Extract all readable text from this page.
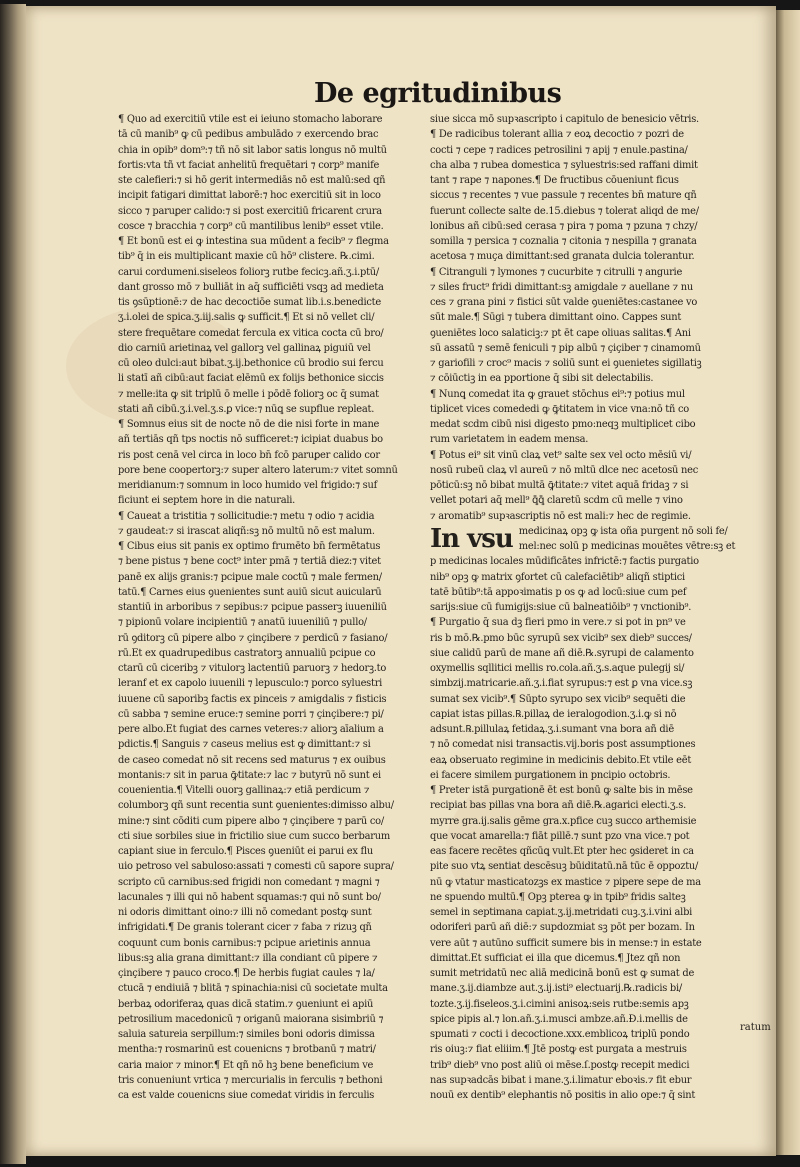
De egritudinibus
¶ Quo ad exercitiū vtile est ei ieiuno stomacho laborare
tā cū manib⁹ ꝙ cū pedibus ambulādo ⁊ exercendo brac
chia in opib⁹ dom⁹:⁊ tñ nō sit labor satis longus nō multū
fortis:vta tñ vt faciat anhelitū frequētari ⁊ corp⁹ manife
ste calefieri:⁊ si hō gerit intermediās nō est malū:sed qñ
incipit fatigari dimittat laborē:⁊ hoc exercitiū sit in loco
sicco ⁊ paruꝑer calido:⁊ si post exercitiū fricarent crura
cosce ⁊ bracchia ⁊ corp⁹ cū mantilibus lenib⁹ esset vtile.
¶ Et bonū est ei ꝙ intestina sua mūdent a fecib⁹ ⁊ flegma
tib⁹ q̄ in eis multiplicant maxie cū hō⁹ clistere. ℞.cimi.
carui cordumeni.siseleos foliorꝫ rutbe fecicꝫ.añ.ʒ.i.ptū/
dant grosso mō ⁊ bulliāt in aq̄ sufficiēti vsqꝫ ad medieta
tis ꝯsūptionē:⁊ de hac decoctiōe sumat lib.i.s.benedicte
ʒ.i.olei de spica.ʒ.iij.salis ꝙ sufficit.¶ Et si nō vellet cli/
stere frequētare comedat fercula ex vitica cocta cū bro/
dio carniū arietinaꝝ vel gallorꝫ vel gallinaꝝ piguiū vel
cū oleo dulci:aut bibat.ʒ.ij.bethonice cū brodio sui fercu
li statī añ cibū:aut faciat elēmū ex folijs bethonice siccis
⁊ melle:ita ꝙ sit triplū ō melle i pōdē foliorꝫ oc q̄ sumat
stati añ cibū.ʒ.i.vel.ʒ.s.ꝑ vice:⁊ nūꝗ se supflue repleat.
¶ Somnus eius sit de nocte nō de die nisi forte in mane
añ tertiās qñ tps noctis nō sufficeret:⁊ icipiat duabus bo
ris post cenā vel circa in loco bn̄ fcō paruꝑer calido cor
pore bene coopertorꝫ:⁊ super altero laterum:⁊ vitet somnū
meridianum:⁊ somnum in loco humido vel frigido:⁊ suf
ficiunt ei septem hore in die naturali.
¶ Caueat a tristitia ⁊ sollicitudie:⁊ metu ⁊ odio ⁊ acidia
⁊ gaudeat:⁊ si irascat aliqñ:sꝫ nō multū nō est malum.
¶ Cibus eius sit panis ex optimo frumēto bn̄ fermētatus
⁊ bene pistus ⁊ bene coct⁹ inter pmā ⁊ tertiā diez:⁊ vitet
panē ex alijs granis:⁊ pcipue male coctū ⁊ male fermen/
tatū.¶ Carnes eius ꝯuenientes sunt auiū sicut auicularū
stantiū in arboribus ⁊ sepibus:⁊ pcipue passerꝫ iuueniliū
⁊ pipionū volare incipientiū ⁊ anatū iuueniliū ⁊ pullo/
rū ꝯditorꝫ cū pipere albo ⁊ çinçibere ⁊ perdicū ⁊ fasiano/
rū.Et ex quadrupedibus castratorꝫ annualiū pcipue co
ctarū cū ciceribꝫ ⁊ vitulorꝫ lactentiū paruorꝫ ⁊ hedorꝫ.to
leranf et ex capolo iuuenili ⁊ lepusculo:⁊ porco syluestri
iuuene cū saporibꝫ factis ex pinceis ⁊ amigdalis ⁊ fisticis
cū sabba ⁊ semine eruce:⁊ semine porri ⁊ çinçibere:⁊ pi/
pere albo.Et fugiat des carnes veteres:⁊ aliorꝫ aīalium a
pdictis.¶ Sanguis ⁊ caseus melius est ꝙ dimittant:⁊ si
de caseo comedat nō sit recens sed maturus ⁊ ex ouibus
montanis:⁊ sit in parua ꝙ̄titate:⁊ lac ⁊ butyrū nō sunt ei
couenientia.¶ Vitelli ouorꝫ gallinaꝝ:⁊ etiā perdicum ⁊
columborꝫ qñ sunt recentia sunt ꝯuenientes:dimisso albu/
mine:⁊ sint cōditi cum pipere albo ⁊ çinçibere ⁊ parū co/
cti siue sorbiles siue in frictilio siue cum succo berbarum
capiant siue in ferculo.¶ Pisces ꝯueniūt ei parui ex flu
uio petroso vel sabuloso:assati ⁊ comesti cū sapore supra/
scripto cū carnibus:sed frigidi non comedant ⁊ magni ⁊
lacunales ⁊ illi qui nō habent squamas:⁊ qui nō sunt bo/
ni odoris dimittant oino:⁊ illi nō comedant postꝙ sunt
infrigidati.¶ De granis tolerant cicer ⁊ faba ⁊ rizuꝫ qñ
coquunt cum bonis carnibus:⁊ pcipue arietinis annua
libus:sꝫ alia grana dimittant:⁊ illa condiant cū pipere ⁊
çinçibere ⁊ pauco croco.¶ De herbis fugiat caules ⁊ la/
ctucā ⁊ endiuiā ⁊ blitā ⁊ spinachia:nisi cū societate multa
berbaꝝ odoriferaꝝ quas dicā statim.⁊ ꝯueniunt ei apiū
petrosilium macedonicū ⁊ origanū maiorana sisimbriū ⁊
saluia satureia serpillum:⁊ similes boni odoris dimissa
mentha:⁊ rosmarinū est couenicns ⁊ brotbanū ⁊ matri/
caria maior ⁊ minor.¶ Et qñ nō hꝫ bene beneficium ve
tris conueniunt vrtica ⁊ mercurialis in ferculis ⁊ bethoni
ca est valde couenicns siue comedat viridis in ferculis
siue sicca mō supꝛascripto i capitulo de benesicio vētris.
¶ De radicibus tolerant allia ⁊ eoꝝ decoctio ⁊ pozri de
cocti ⁊ cepe ⁊ radices petrosilini ⁊ apij ⁊ enule.pastina/
cha alba ⁊ rubea domestica ⁊ syluestris:sed raffani dimit
tant ⁊ rape ⁊ napones.¶ De fructibus cōueniunt ficus
siccus ⁊ recentes ⁊ vue passule ⁊ recentes bn̄ mature qñ
fuerunt collecte salte de.15.diebus ⁊ tolerat aliqd de me/
lonibus añ cibū:sed cerasa ⁊ pira ⁊ poma ⁊ pzuna ⁊ chzy/
somilla ⁊ persica ⁊ coznalia ⁊ citonia ⁊ nespilla ⁊ granata
acetosa ⁊ muça dimittant:sed granata dulcia tolerantur.
¶ Citranguli ⁊ lymones ⁊ cucurbite ⁊ citrulli ⁊ angurie
⁊ siles fruct⁹ fridi dimittant:sꝫ amigdale ⁊ auellane ⁊ nu
ces ⁊ grana pini ⁊ fistici sūt valde ꝯueniētes:castanee vo
sūt male.¶ Sūgi ⁊ tubera dimittant oino. Cappes sunt
ꝯueniētes loco salaticiꝫ:⁊ pt ēt cape oliuas salitas.¶ Ani
sū assatū ⁊ semē feniculi ⁊ pip albū ⁊ çiçiber ⁊ cinamomū
⁊ gariofili ⁊ croc⁹ macis ⁊ soliū sunt ei ꝯuenietes sigillatiꝫ
⁊ cōiūctiꝫ in ea pportione q̄ sibi sit delectabilis.
¶ Nunꝗ comedat ita ꝙ grauet stōchus ei⁹:⁊ potius mul
tiplicet vices comededi ꝙ ꝙ̄titatem in vice vna:nō tñ co
medat scdm cibū nisi digesto pmo:neqꝫ multiplicet cibo
rum varietatem in eadem mensa.
¶ Potus ei⁹ sit vinū claꝝ vet⁹ salte sex vel octo mēsiū vi/
nosū rubeū claꝝ vl aureū ⁊ nō mltū dlce nec acetosū nec
pōticū:sꝫ nō bibat multā ꝙ̄titate:⁊ vitet aquā fridaꝫ ⁊ si
vellet potari aq̄ mell⁹ ꝗ̄ꝗ̄ claretū scdm cū melle ⁊ vino
⁊ aromatib⁹ supꝛascriptis nō est mali:⁊ hec de regimie.
In vsu medicinaꝝ opꝫ ꝙ ista oña purgent nō soli fe/
mel:nec solū p medicinas mouētes vētre:sꝫ et
p medicinas locales mūdificātes infrictē:⁊ factis purgatio
nib⁹ opꝫ ꝙ matrix ꝯfortet cū calefaciētib⁹ aliqñ stiptici
tatē būtib⁹:tā appoꝛimatis p os ꝙ ad locū:siue cum pef
sarijs:siue cū fumigijs:siue cū balneatiōib⁹ ⁊ vnctionib⁹.
¶ Purgatio q̄ sua dꝫ fieri pmo in vere.⁊ si pot in pn⁹ ve
ris b mō.℞.pmo būc syrupū sex vicib⁹ sex dieb⁹ succes/
siue calidū parū de mane añ diē.℞.syrupi de calamento
oxymellis sqllitici mellis ro.cola.añ.ʒ.s.aque pulegij si/
simbzij.matricarie.añ.ʒ.i.fiat syrupus:⁊ est ꝑ vna vice.sꝫ
sumat sex vicib⁹.¶ Sūpto syrupo sex vicib⁹ sequēti die
capiat istas pillas.℞.pillaꝝ de ieralogodion.ʒ.i.ꝙ si nō
adsunt.℞.pillulaꝝ fetidaꝝ.ʒ.i.sumant vna bora añ diē
⁊ nō comedat nisi transactis.vij.boris post assumptiones
eaꝝ obseruato regimine in medicinis debito.Et vtile eēt
ei facere similem purgationem in pncipio octobris.
¶ Preter istā purgationē ēt est bonū ꝙ salte bis in mēse
recipiat bas pillas vna bora añ diē.℞.agarici electi.ʒ.s.
myrre gra.ij.salis gēme gra.x.pfice cuꝫ succo arthemisie
que vocat amarella:⁊ fiāt pillē.⁊ sunt pzo vna vice.⁊ pot
eas facere recētes qñcūꝗ vult.Et pter hec ꝯsideret in ca
pite suo vtꝝ sentiat descēsuꝫ būiditatū.nā tūc ē oppoztu/
nū ꝙ vtatur masticatozꝫs ex mastice ⁊ pipere sepe de ma
ne spuendo multū.¶ Opꝫ pterea ꝙ in tpib⁹ fridis salteꝫ
semel in septimana capiat.ʒ.ij.metridati cuꝫ.ʒ.i.vini albi
odoriferi parū añ diē:⁊ supdozmiat sꝫ pōt per bozam. In
vere aūt ⁊ autūno sufficit sumere bis in mense:⁊ in estate
dimittat.Et sufficiat ei illa que dicemus.¶ Jtez qñ non
sumit metridatū nec aliā medicinā bonū est ꝙ sumat de
mane.ʒ.ij.diambze aut.ʒ.ij.isti⁹ electuarij.℞.radicis bi/
tozte.ʒ.ij.fiseleos.ʒ.i.cimini anisoꝝ:seis rutbe:semis apꝫ
spice pipis al.⁊ lon.añ.ʒ.i.musci ambze.añ.Ɖ.i.mellis de
spumati ⁊ cocti i decoctione.xxx.emblicoꝝ triplū pondo
ris oiuꝫ:⁊ fiat eliiim.¶ Jtē postꝙ est purgata a mestruis
trib⁹ dieb⁹ vno post aliū oi mēse.ſ.postꝙ recepit medici
nas supꝛadcās bibat i mane.ʒ.i.limatur eboꝛis.⁊ fit ebur
nouū ex dentib⁹ elephantis nō positis in alio ope:⁊ q̄ sint
ratum
